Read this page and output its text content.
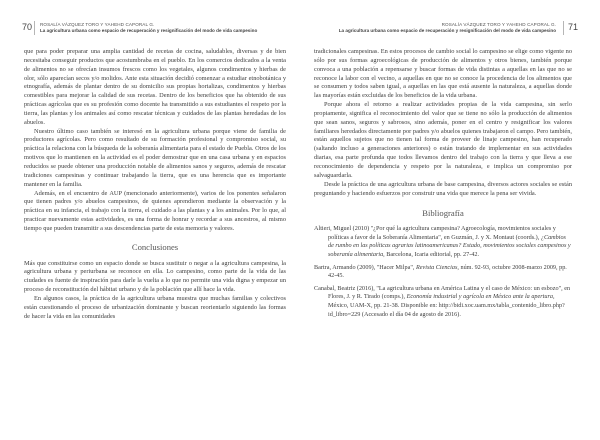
70 ROSALÍA VÁZQUEZ TORO Y YAHEHD CAPORAL G.
La agricultura urbana como espacio de recuperación y resignificación del modo de vida campesino

que para poder preparar una amplia cantidad de recetas de cocina, saludables, diversas y de bien necesitaba conseguir productos que acostumbraba en el pueblo. En los comercios dedicados a la venta de alimentos no se ofrecían insumos frescos como los vegetales, algunos condimentos y hierbas de olor, sólo aparecían secos y/o molidos. Ante esta situación decidió comenzar a estudiar etnobotánica y etnografía, además de plantar dentro de su domicilio sus propias hortalizas, condimentos y hierbas comestibles para mejorar la calidad de sus recetas. Dentro de los beneficios que ha obtenido de sus prácticas agrícolas que es su profesión como docente ha transmitido a sus estudiantes el respeto por la tierra, las plantas y los animales así como rescatar técnicas y cuidados de las plantas heredadas de los abuelos.

Nuestro último caso también se interesó en la agricultura urbana porque viene de familia de productores agrícolas. Pero como resultado de su formación profesional y compromiso social, su práctica la relaciona con la búsqueda de la soberanía alimentaria para el estado de Puebla. Otros de los motivos que lo mantienen en la actividad es el poder demostrar que en una casa urbana y en espacios reducidos se puede obtener una producción notable de alimentos sanos y seguros, además de rescatar tradiciones campesinas y continuar trabajando la tierra, que es una herencia que es importante mantener en la familia.

Además, en el encuentro de AUP (mencionado anteriormente), varios de los ponentes señalaron que tienen padres y/o abuelos campesinos, de quienes aprendieron mediante la observación y la práctica en su infancia, el trabajo con la tierra, el cuidado a las plantas y a los animales. Por lo que, al practicar nuevamente estas actividades, es una forma de honrar y recordar a sus ancestros, al mismo tiempo que pueden transmitir a sus descendencias parte de esta memoria y valores.

Conclusiones

Más que constituirse como un espacio donde se busca sustituir o negar a la agricultura campesina, la agricultura urbana y periurbana se reconoce en ella. Lo campesino, como parte de la vida de las ciudades es fuente de inspiración para darle la vuelta a lo que no permite una vida digna y empezar un proceso de reconstitución del hábitat urbano y de la población que allí hace la vida.

En algunos casos, la práctica de la agricultura urbana muestra que muchas familias y colectivos están cuestionando el proceso de urbanización dominante y buscan reorientarlo siguiendo las formas de hacer la vida en las comunidades

ROSALÍA VÁZQUEZ TORO Y YAHEHD CAPORAL G.
La agricultura urbana como espacio de recuperación y resignificación del modo de vida campesino 71

tradicionales campesinas. En estos procesos de cambio social lo campesino se elige como vigente no sólo por sus formas agroecológicas de producción de alimentos y otros bienes, también porque convoca a una población a repensarse y buscar formas de vida distintas a aquellas en las que no se reconoce la labor con el vecino, a aquellas en que no se conoce la procedencia de los alimentos que se consumen y todos saben igual, a aquellas en las que está ausente la naturaleza, a aquellas donde las mayorías están excluidas de los beneficios de la vida urbana.

Porque ahora el retorno a realizar actividades propias de la vida campesina, sin serlo propiamente, significa el reconocimiento del valor que se tiene no sólo la producción de alimentos que sean sanos, seguros y sabrosos, sino además, poner en el centro y resignificar los valores familiares heredados directamente por padres y/o abuelos quienes trabajaron el campo. Pero también, están aquellos sujetos que no tienen tal forma de proveer de linaje campesino, han recuperado (saltando incluso a generaciones anteriores) o están tratando de implementar en sus actividades diarias, esa parte profunda que todos llevamos dentro del trabajo con la tierra y que lleva a ese reconocimiento de dependencia y respeto por la naturaleza, e implica un compromiso por salvaguardarla.

Desde la práctica de una agricultura urbana de base campesina, diversos actores sociales se están preguntando y haciendo esfuerzos por construir una vida que merece la pena ser vivida.

Bibliografía
Altieri, Miguel (2010) "¿Por qué la agricultura campesina? Agroecología, movimientos sociales y políticas a favor de la Soberanía Alimentaria", en Guzmán, J. y X. Montaut (coords.), ¿Cambios de rumbo en las políticas agrarias latinoamericanas? Estado, movimientos sociales campesinos y soberanía alimentaria, Barcelona, Icaria editorial, pp. 27-42.
Bartra, Armando (2009), "Hacer Milpa", Revista Ciencias, núm. 92-93, octubre 2008-marzo 2009, pp. 42-45.
Canabal, Beatriz (2016), "La agricultura urbana en América Latina y el caso de México: un esbozo", en Flores, J. y R. Tirado (comps.), Economía industrial y agrícola en México ante la apertura, México, UAM-X, pp. 21-38. Disponible en: http://bidi.xoc.uam.mx/tabla_contenido_libro.php?id_libro=229 (Accesado el día 04 de agosto de 2016).
